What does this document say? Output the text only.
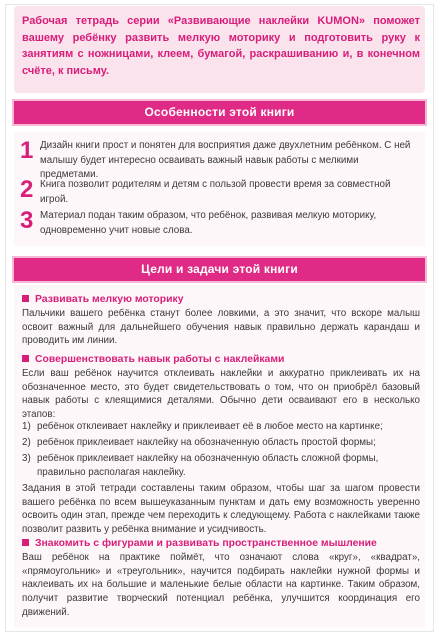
Рабочая тетрадь серии «Развивающие наклейки KUMON» поможет вашему ребёнку развить мелкую моторику и подготовить руку к занятиям с ножницами, клеем, бумагой, раскрашиванию и, в конечном счёте, к письму.

Особенности этой книги
1 Дизайн книги прост и понятен для восприятия даже двухлетним ребёнком. С ней малышу будет интересно осваивать важный навык работы с мелкими предметами.

2 Книга позволит родителям и детям с пользой провести время за совместной игрой.

3 Материал подан таким образом, что ребёнок, развивая мелкую моторику, одновременно учит новые слова.

Цели и задачи этой книги
Развивать мелкую моторику

Пальчики вашего ребёнка станут более ловкими, а это значит, что вскоре малыш освоит важный для дальнейшего обучения навык правильно держать карандаш и проводить им линии.

Совершенствовать навык работы с наклейками

Если ваш ребёнок научится отклеивать наклейки и аккуратно приклеивать их на обозначенное место, это будет свидетельствовать о том, что он приобрёл базовый навык работы с клеящимися деталями. Обычно дети осваивают его в несколько этапов:

1) ребёнок отклеивает наклейку и приклеивает её в любое место на картинке;
2) ребёнок приклеивает наклейку на обозначенную область простой формы;
3) ребёнок приклеивает наклейку на обозначенную область сложной формы, правильно располагая наклейку.

Задания в этой тетради составлены таким образом, чтобы шаг за шагом провести вашего ребёнка по всем вышеуказанным пунктам и дать ему возможность уверенно освоить один этап, прежде чем переходить к следующему. Работа с наклейками также позволит развить у ребёнка внимание и усидчивость.

Знакомить с фигурами и развивать пространственное мышление

Ваш ребёнок на практике поймёт, что означают слова «круг», «квадрат», «прямоугольник» и «треугольник», научится подбирать наклейки нужной формы и наклеивать их на большие и маленькие белые области на картинке. Таким образом, получит развитие творческий потенциал ребёнка, улучшится координация его движений.
